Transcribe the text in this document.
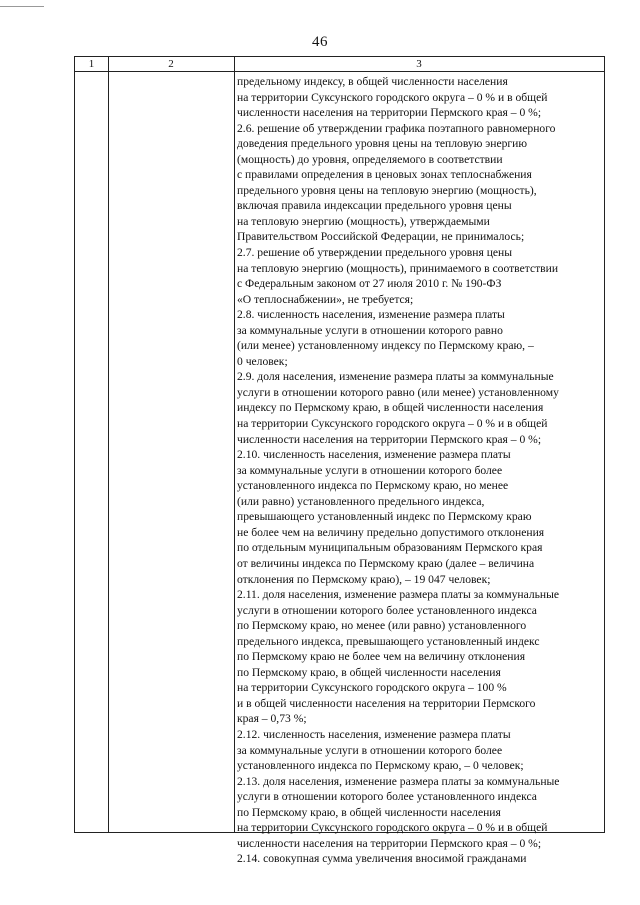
46
1	2	3
предельному индексу, в общей численности населения
на территории Суксунского городского округа – 0 % и в общей
численности населения на территории Пермского края – 0 %;
2.6. решение об утверждении графика поэтапного равномерного
доведения предельного уровня цены на тепловую энергию
(мощность) до уровня, определяемого в соответствии
с правилами определения в ценовых зонах теплоснабжения
предельного уровня цены на тепловую энергию (мощность),
включая правила индексации предельного уровня цены
на тепловую энергию (мощность), утверждаемыми
Правительством Российской Федерации, не принималось;
2.7. решение об утверждении предельного уровня цены
на тепловую энергию (мощность), принимаемого в соответствии
с Федеральным законом от 27 июля 2010 г. № 190-ФЗ
«О теплоснабжении», не требуется;
2.8. численность населения, изменение размера платы
за коммунальные услуги в отношении которого равно
(или менее) установленному индексу по Пермскому краю, –
0 человек;
2.9. доля населения, изменение размера платы за коммунальные
услуги в отношении которого равно (или менее) установленному
индексу по Пермскому краю, в общей численности населения
на территории Суксунского городского округа – 0 % и в общей
численности населения на территории Пермского края – 0 %;
2.10. численность населения, изменение размера платы
за коммунальные услуги в отношении которого более
установленного индекса по Пермскому краю, но менее
(или равно) установленного предельного индекса,
превышающего установленный индекс по Пермскому краю
не более чем на величину предельно допустимого отклонения
по отдельным муниципальным образованиям Пермского края
от величины индекса по Пермскому краю (далее – величина
отклонения по Пермскому краю), – 19 047 человек;
2.11. доля населения, изменение размера платы за коммунальные
услуги в отношении которого более установленного индекса
по Пермскому краю, но менее (или равно) установленного
предельного индекса, превышающего установленный индекс
по Пермскому краю не более чем на величину отклонения
по Пермскому краю, в общей численности населения
на территории Суксунского городского округа – 100 %
и в общей численности населения на территории Пермского
края – 0,73 %;
2.12. численность населения, изменение размера платы
за коммунальные услуги в отношении которого более
установленного индекса по Пермскому краю, – 0 человек;
2.13. доля населения, изменение размера платы за коммунальные
услуги в отношении которого более установленного индекса
по Пермскому краю, в общей численности населения
на территории Суксунского городского округа – 0 % и в общей
численности населения на территории Пермского края – 0 %;
2.14. совокупная сумма увеличения вносимой гражданами
